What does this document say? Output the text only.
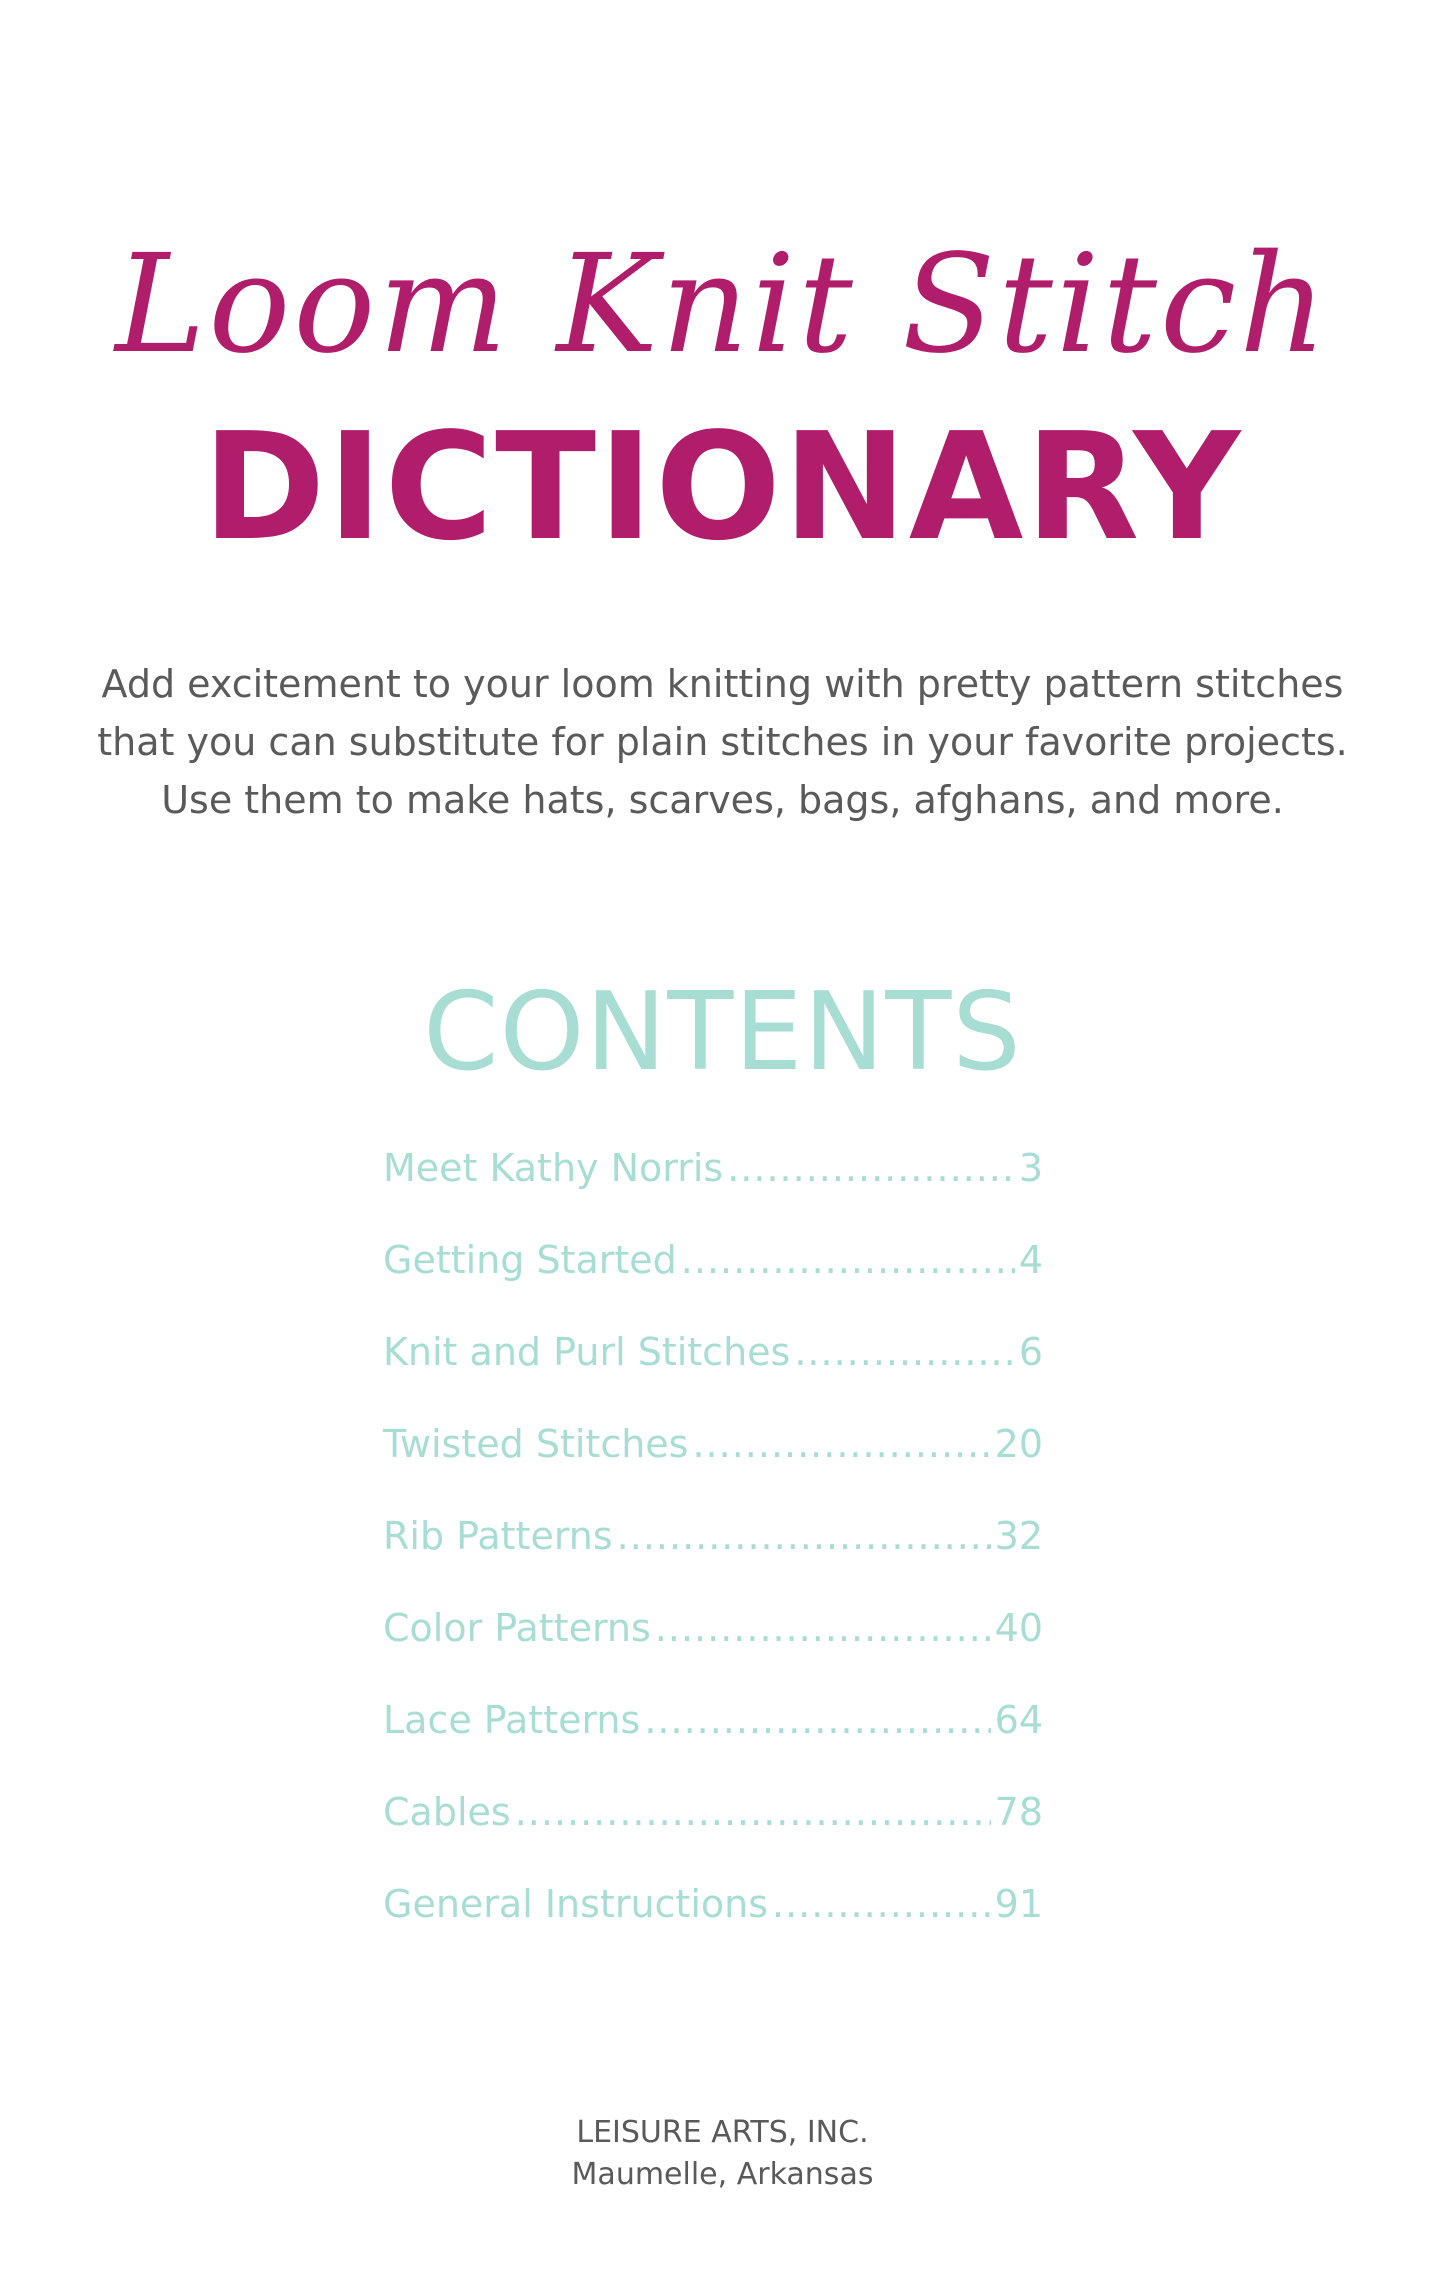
Loom Knit Stitch
DICTIONARY
Add excitement to your loom knitting with pretty pattern stitches
that you can substitute for plain stitches in your favorite projects.
Use them to make hats, scarves, bags, afghans, and more.
CONTENTS
Meet Kathy Norris .....	3
Getting Started .....	4
Knit and Purl Stitches .....	6
Twisted Stitches .....	20
Rib Patterns .....	32
Color Patterns .....	40
Lace Patterns .....	64
Cables .....	78
General Instructions .....	91
LEISURE ARTS, INC.
Maumelle, Arkansas
